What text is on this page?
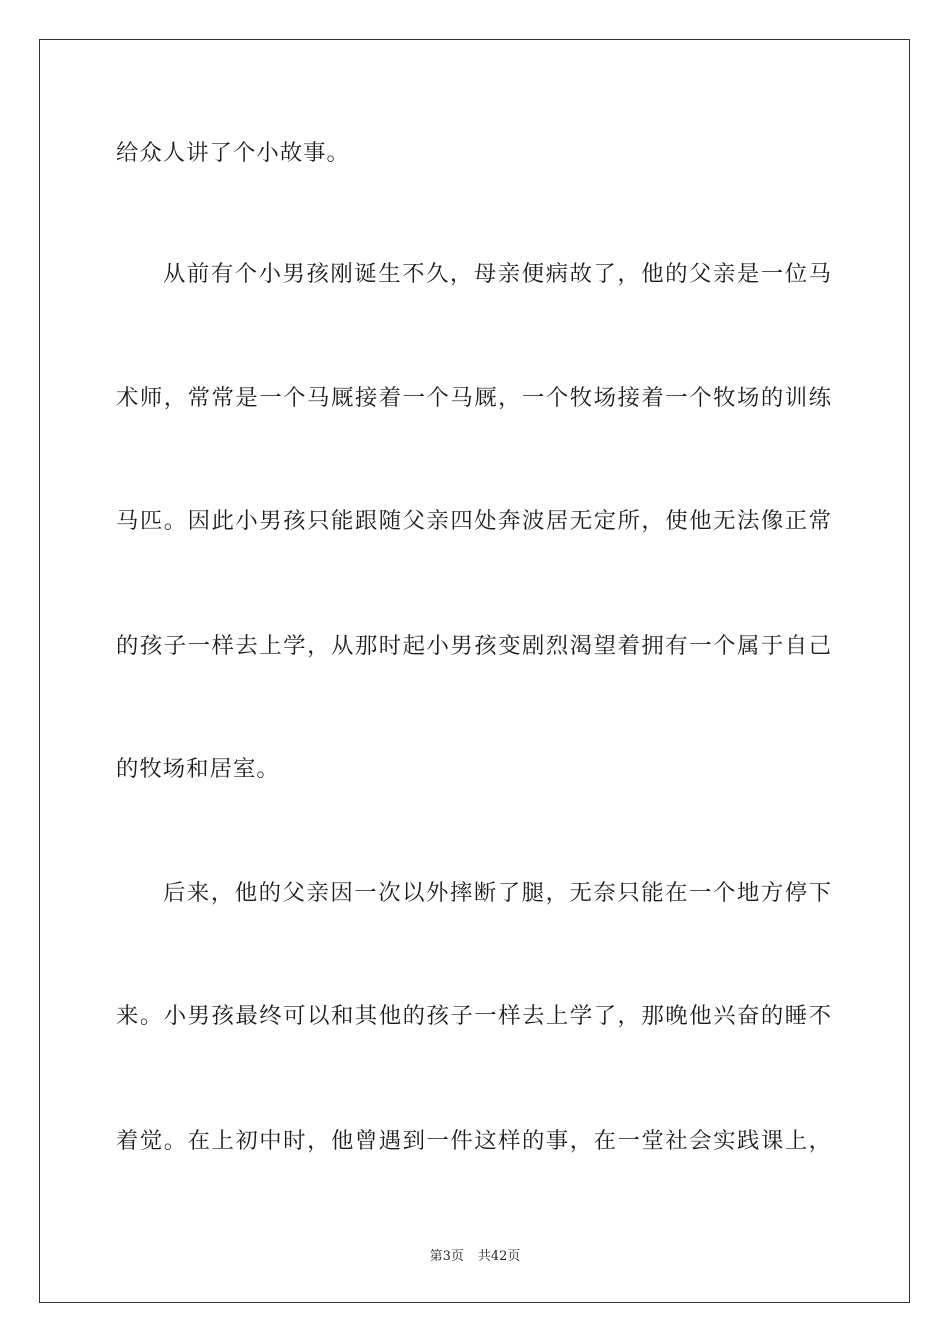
给众人讲了个小故事。
从前有个小男孩刚诞生不久，母亲便病故了，他的父亲是一位马
术师，常常是一个马厩接着一个马厩，一个牧场接着一个牧场的训练
马匹。因此小男孩只能跟随父亲四处奔波居无定所，使他无法像正常
的孩子一样去上学，从那时起小男孩变剧烈渴望着拥有一个属于自己
的牧场和居室。
后来，他的父亲因一次以外摔断了腿，无奈只能在一个地方停下
来。小男孩最终可以和其他的孩子一样去上学了，那晚他兴奋的睡不
着觉。在上初中时，他曾遇到一件这样的事，在一堂社会实践课上，
第3页 共42页
